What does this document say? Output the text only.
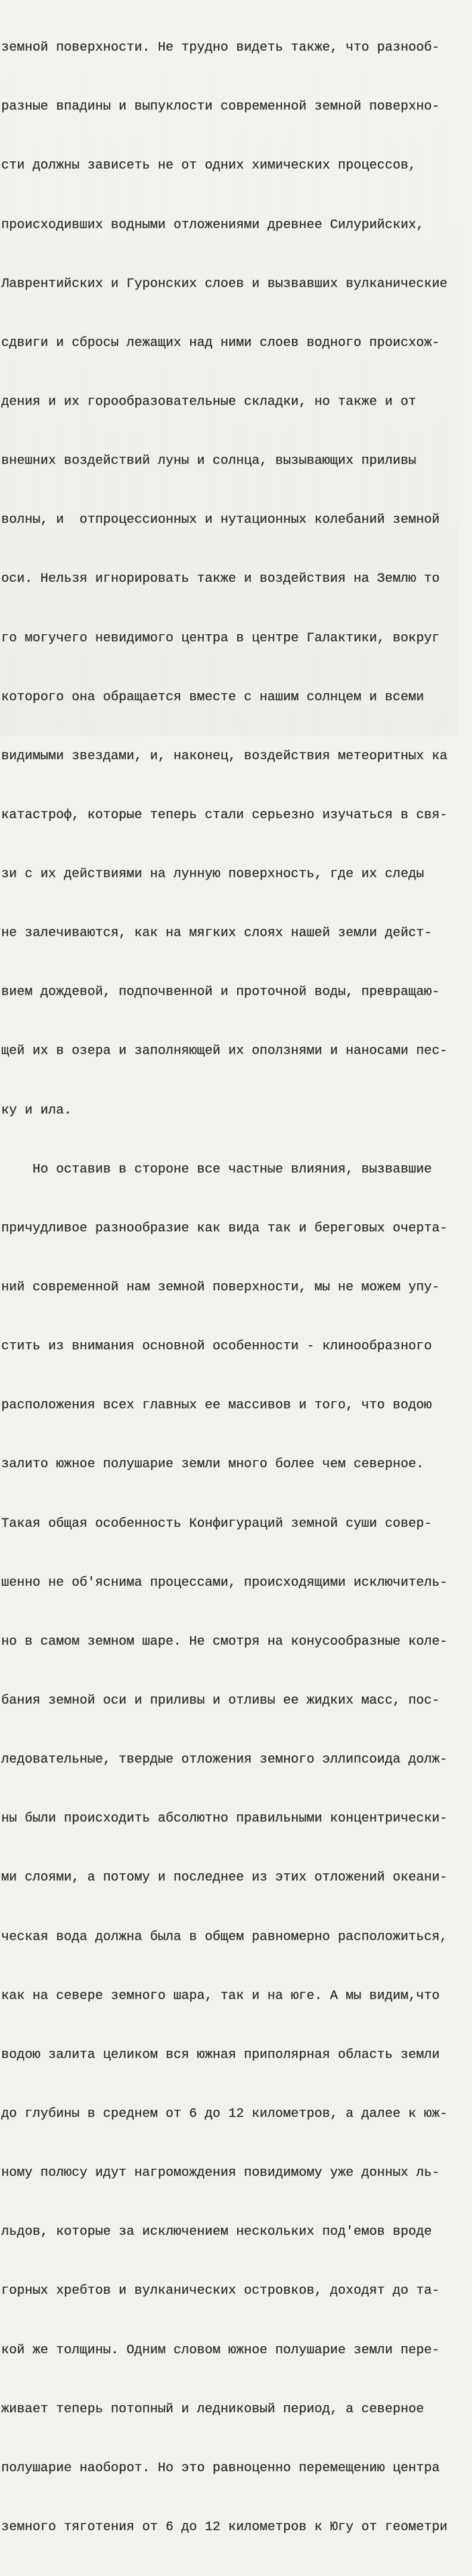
земной поверхности. Не трудно видеть также, что разнооб-

разные впадины и выпуклости современной земной поверхно-

сти должны зависеть не от одних химических процессов,

происходивших водными отложениями древнее Силурийских,

Лаврентийских и Гуронских слоев и вызвавших вулканические

сдвиги и сбросы лежащих над ними слоев водного происхож-

дения и их горообразовательные складки, но также и от

внешних воздействий луны и солнца, вызывающих приливы

волны, и  отпроцессионных и нутационных колебаний земной

оси. Нельзя игнорировать также и воздействия на Землю то

го могучего невидимого центра в центре Галактики, вокруг

которого она обращается вместе с нашим солнцем и всеми

видимыми звездами, и, наконец, воздействия метеоритных ка

катастроф, которые теперь стали серьезно изучаться в свя-

зи с их действиями на лунную поверхность, где их следы

не залечиваются, как на мягких слоях нашей земли дейст-

вием дождевой, подпочвенной и проточной воды, превращаю-

щей их в озера и заполняющей их оползнями и наносами пес-

ку и ила.

Но оставив в стороне все частные влияния, вызвавшие

причудливое разнообразие как вида так и береговых очерта-

ний современной нам земной поверхности, мы не можем упу-

стить из внимания основной особенности - клинообразного

расположения всех главных ее массивов и того, что водою

залито южное полушарие земли много более чем северное.

Такая общая особенность Конфигураций земной суши совер-

шенно не об'яснима процессами, происходящими исключитель-

но в самом земном шаре. Не смотря на конусообразные коле-

бания земной оси и приливы и отливы ее жидких масс, пос-

ледовательные, твердые отложения земного эллипсоида долж-

ны были происходить абсолютно правильными концентрически-

ми слоями, а потому и последнее из этих отложений океани-

ческая вода должна была в общем равномерно расположиться,

как на севере земного шара, так и на юге. А мы видим,что

водою залита целиком вся южная приполярная область земли

до глубины в среднем от 6 до 12 километров, а далее к юж-

ному полюсу идут нагромождения повидимому уже донных ль-

льдов, которые за исключением нескольких под'емов вроде

горных хребтов и вулканических островков, доходят до та-

кой же толщины. Одним словом южное полушарие земли пере-

живает теперь потопный и ледниковый период, а северное

полушарие наоборот. Но это равноценно перемещению центра

земного тяготения от 6 до 12 километров к Югу от геометри
